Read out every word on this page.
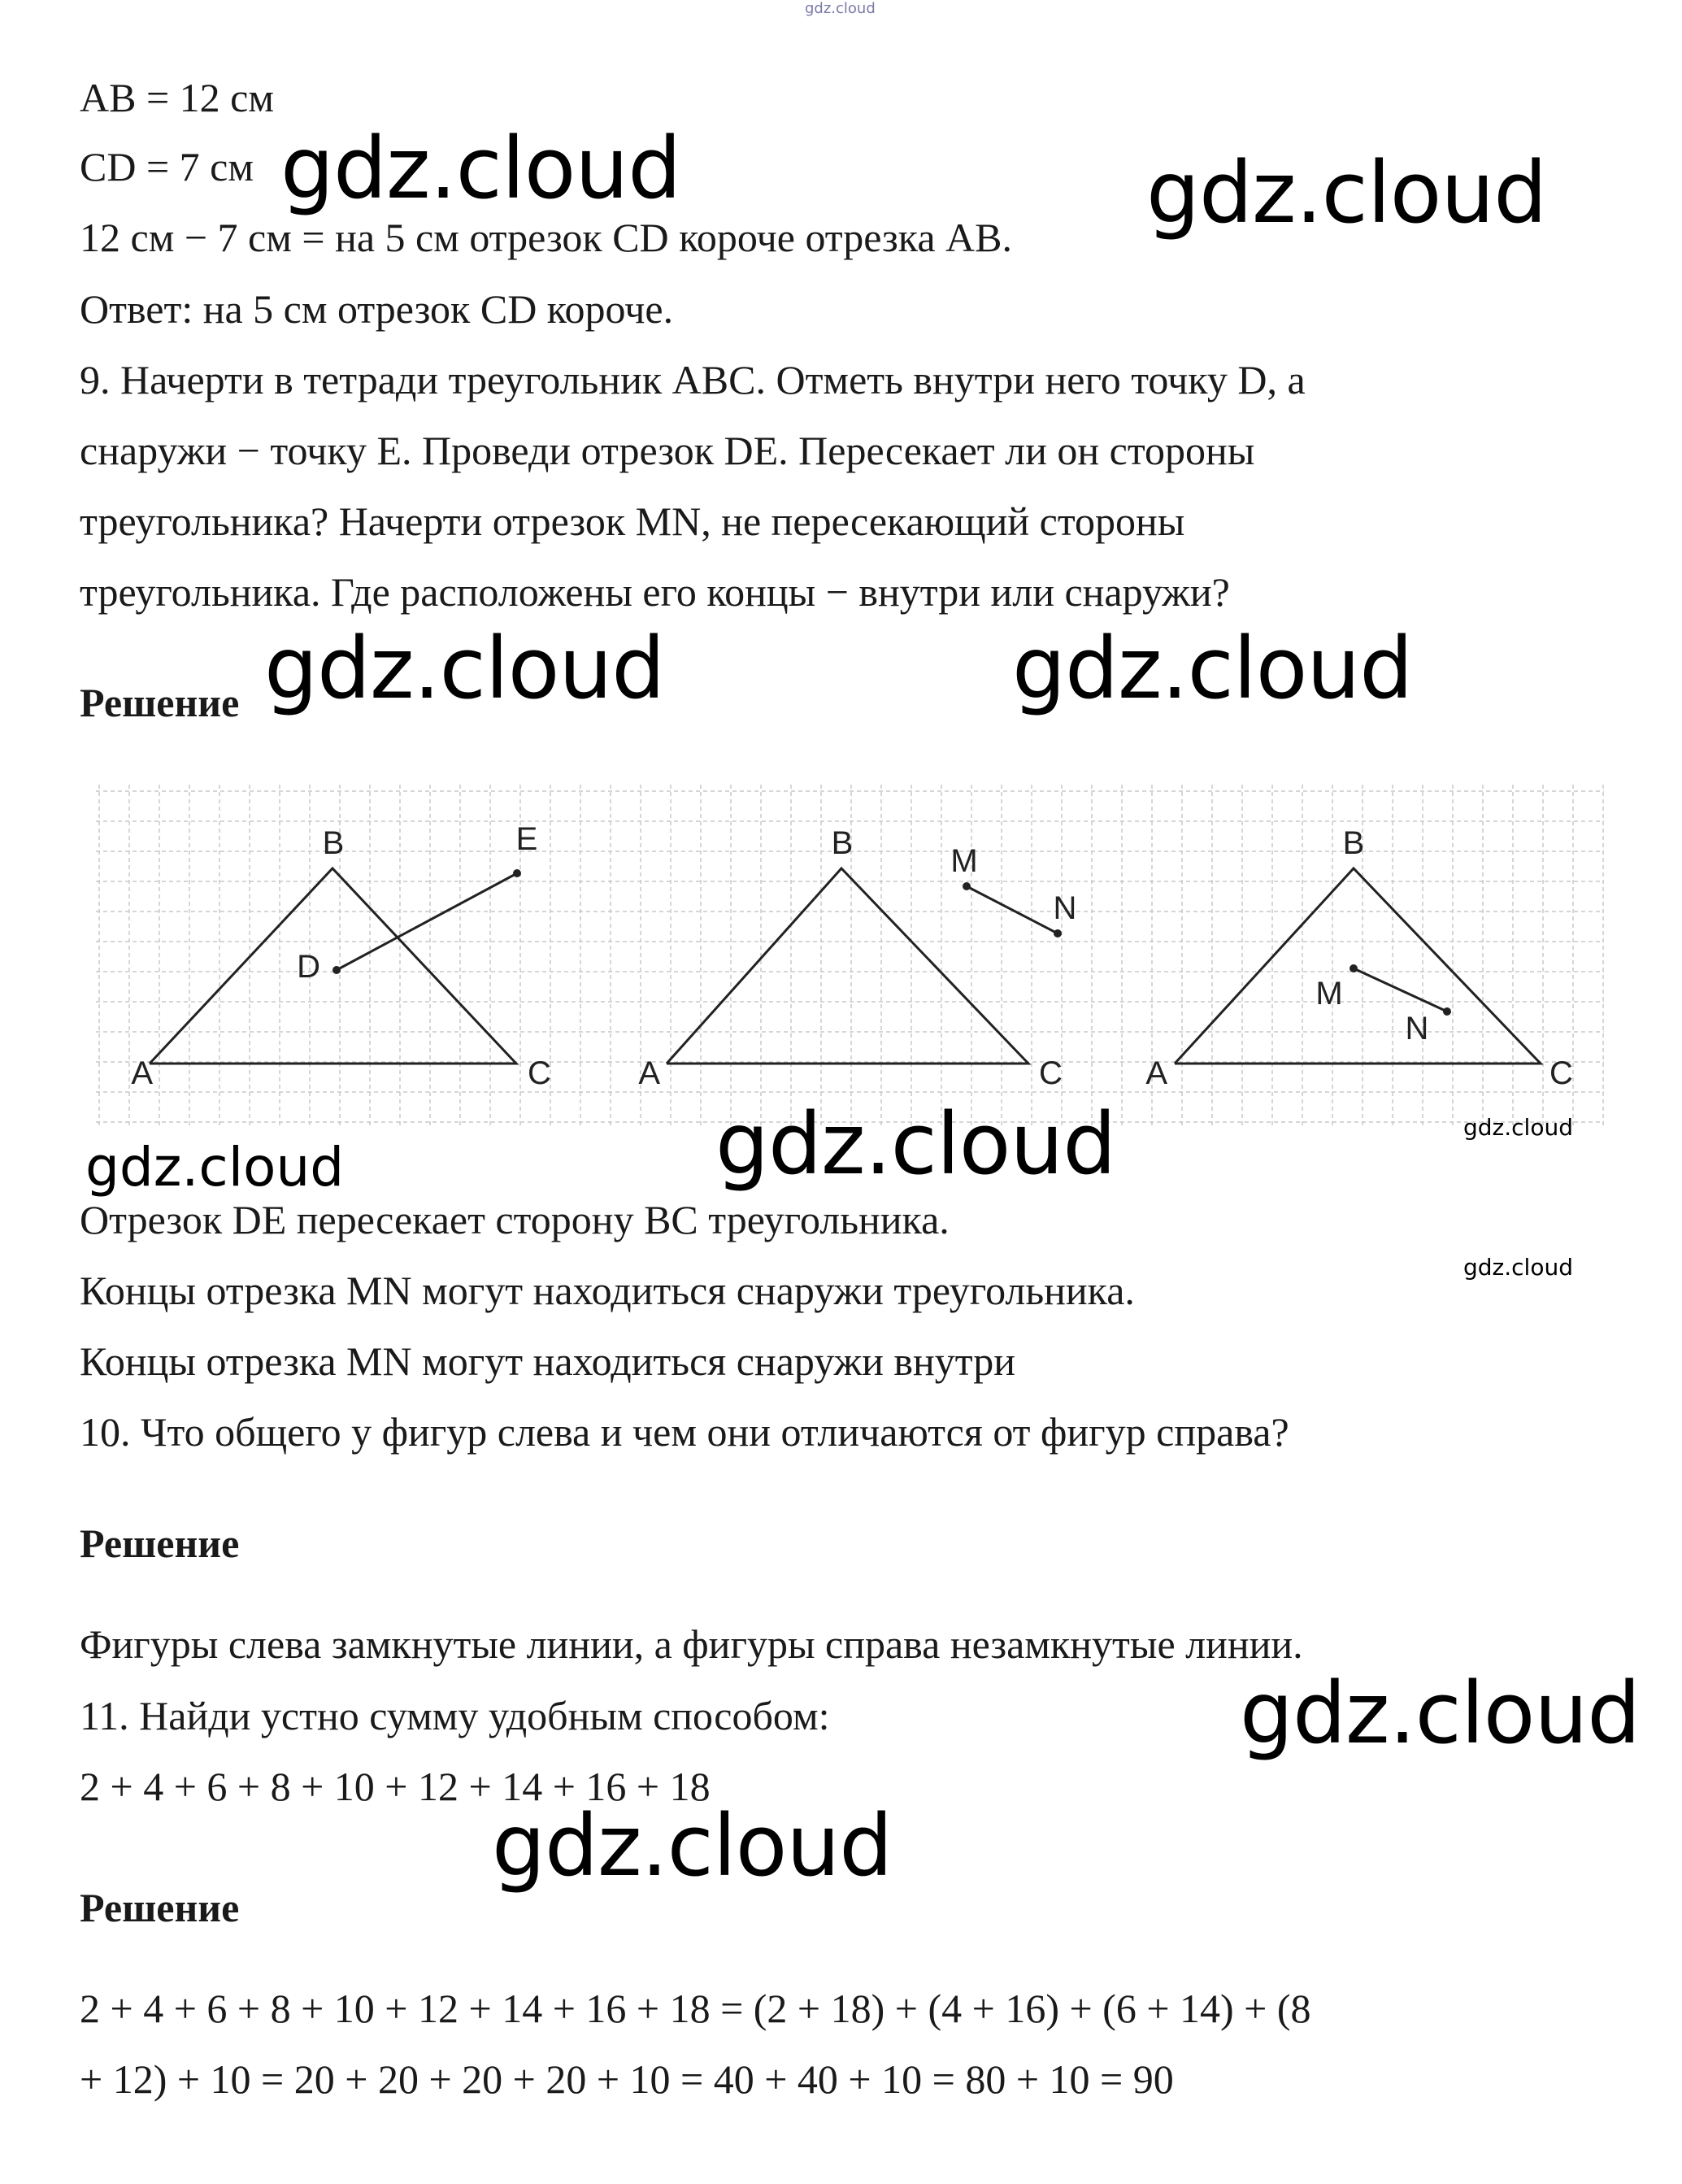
gdz.cloud

AB = 12 см

CD = 7 см

12 см − 7 см = на 5 см отрезок CD короче отрезка AB.

Ответ: на 5 см отрезок CD короче.

9. Начерти в тетради треугольник ABC. Отметь внутри него точку D, а

снаружи − точку E. Проведи отрезок DE. Пересекает ли он стороны

треугольника? Начерти отрезок MN, не пересекающий стороны

треугольника. Где расположены его концы − внутри или снаружи?

Решение

A
B
C
D
E
A
B
C
M
N
A
B
C
M
N

Отрезок DE пересекает сторону BC треугольника.

Концы отрезка MN могут находиться снаружи треугольника.

Концы отрезка MN могут находиться снаружи внутри

10. Что общего у фигур слева и чем они отличаются от фигур справа?

Решение

Фигуры слева замкнутые линии, а фигуры справа незамкнутые линии.

11. Найди устно сумму удобным способом:

2 + 4 + 6 + 8 + 10 + 12 + 14 + 16 + 18

Решение

2 + 4 + 6 + 8 + 10 + 12 + 14 + 16 + 18 = (2 + 18) + (4 + 16) + (6 + 14) + (8

+ 12) + 10 = 20 + 20 + 20 + 20 + 10 = 40 + 40 + 10 = 80 + 10 = 90

gdz.cloud	gdz.cloud
gdz.cloud	gdz.cloud
gdz.cloud	gdz.cloud	gdz.cloud
gdz.cloud
gdz.cloud
gdz.cloud
